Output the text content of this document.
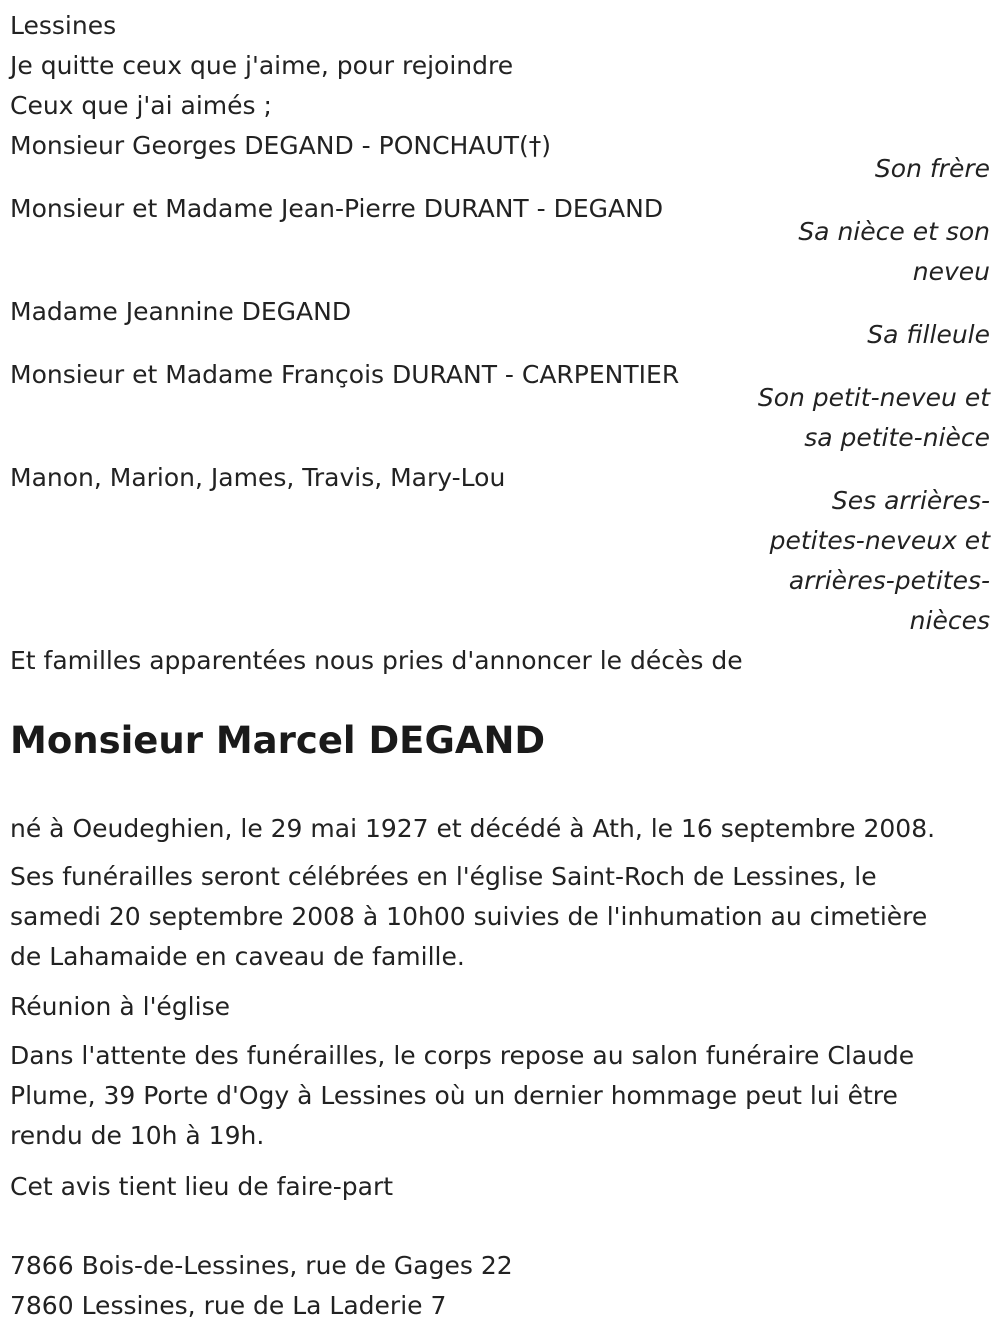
Lessines
Je quitte ceux que j'aime, pour rejoindre
Ceux que j'ai aimés ;
Monsieur Georges DEGAND - PONCHAUT(†)
Son frère
Monsieur et Madame Jean-Pierre DURANT - DEGAND
Sa nièce et son
neveu
Madame Jeannine DEGAND
Sa filleule
Monsieur et Madame François DURANT - CARPENTIER
Son petit-neveu et
sa petite-nièce
Manon, Marion, James, Travis, Mary-Lou
Ses arrières-
petites-neveux et
arrières-petites-
nièces
Et familles apparentées nous pries d'annoncer le décès de
Monsieur Marcel DEGAND
né à Oeudeghien, le 29 mai 1927 et décédé à Ath, le 16 septembre 2008.
Ses funérailles seront célébrées en l'église Saint-Roch de Lessines, le
samedi 20 septembre 2008 à 10h00 suivies de l'inhumation au cimetière
de Lahamaide en caveau de famille.
Réunion à l'église
Dans l'attente des funérailles, le corps repose au salon funéraire Claude
Plume, 39 Porte d'Ogy à Lessines où un dernier hommage peut lui être
rendu de 10h à 19h.
Cet avis tient lieu de faire-part
7866 Bois-de-Lessines, rue de Gages 22
7860 Lessines, rue de La Laderie 7
